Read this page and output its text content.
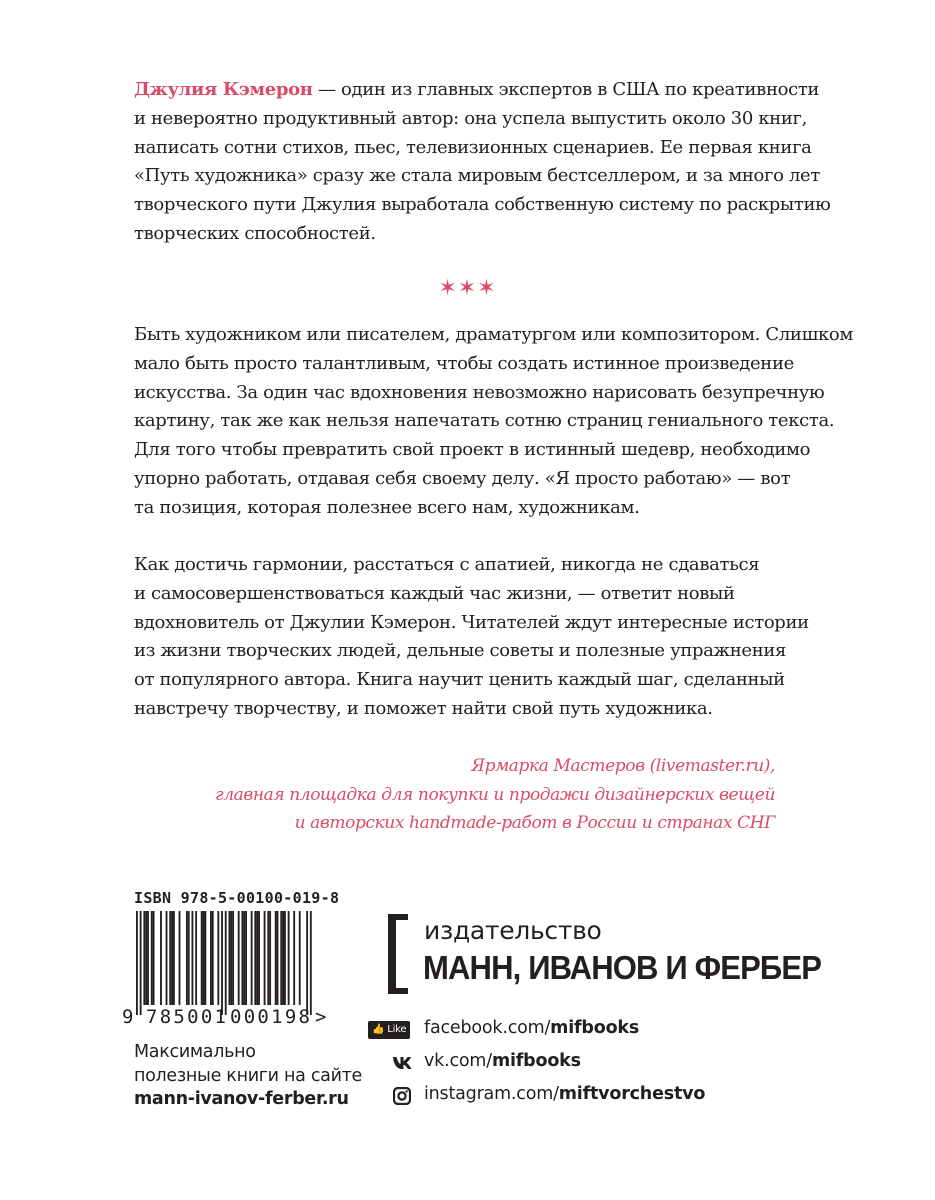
Джулия Кэмерон — один из главных экспертов в США по креативности
и невероятно продуктивный автор: она успела выпустить около 30 книг,
написать сотни стихов, пьес, телевизионных сценариев. Ее первая книга
«Путь художника» сразу же стала мировым бестселлером, и за много лет
творческого пути Джулия выработала собственную систему по раскрытию
творческих способностей.
✶✶✶
Быть художником или писателем, драматургом или композитором. Слишком
мало быть просто талантливым, чтобы создать истинное произведение
искусства. За один час вдохновения невозможно нарисовать безупречную
картину, так же как нельзя напечатать сотню страниц гениального текста.
Для того чтобы превратить свой проект в истинный шедевр, необходимо
упорно работать, отдавая себя своему делу. «Я просто работаю» — вот
та позиция, которая полезнее всего нам, художникам.
Как достичь гармонии, расстаться с апатией, никогда не сдаваться
и самосовершенствоваться каждый час жизни, — ответит новый
вдохновитель от Джулии Кэмерон. Читателей ждут интересные истории
из жизни творческих людей, дельные советы и полезные упражнения
от популярного автора. Книга научит ценить каждый шаг, сделанный
навстречу творчеству, и поможет найти свой путь художника.
Ярмарка Мастеров (livemaster.ru),
главная площадка для покупки и продажи дизайнерских вещей
и авторских handmade-работ в России и странах СНГ
ISBN 978-5-00100-019-8
9 785001 000198 >
Максимально
полезные книги на сайте
mann-ivanov-ferber.ru
издательство
МАНН, ИВАНОВ И ФЕРБЕР
👍 Like facebook.com/mifbooks
vk.com/mifbooks
instagram.com/miftvorchestvo
